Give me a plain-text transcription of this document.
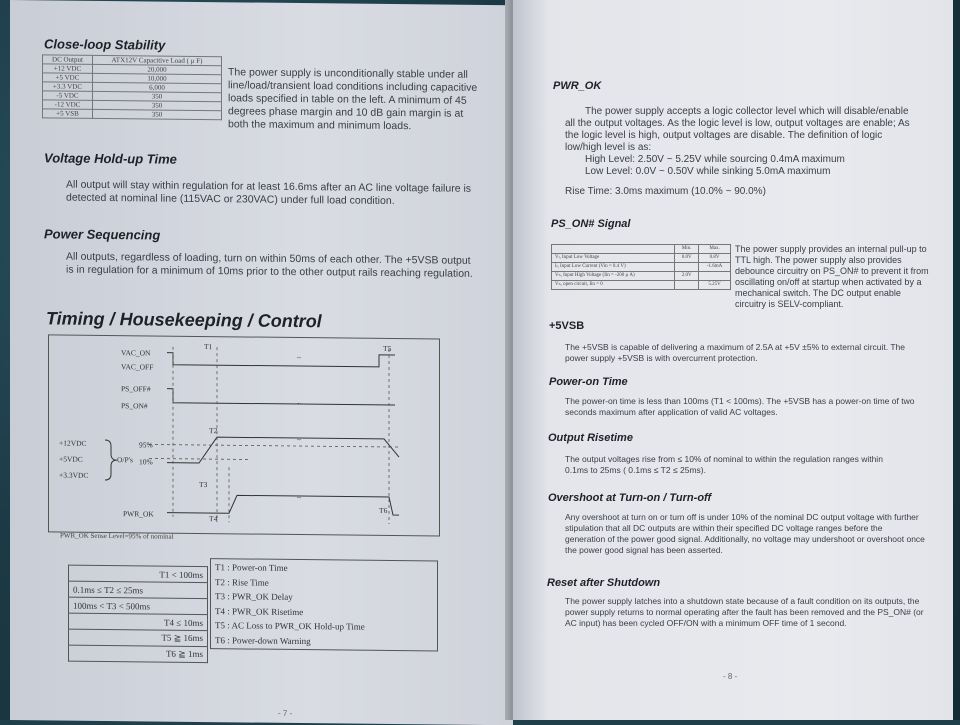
Close-loop Stability
DC Output	ATX12V Capacitive Load ( μ F)
+12 VDC	20,000
+5 VDC	10,000
+3.3 VDC	6,000
-5 VDC	350
-12 VDC	350
+5 VSB	350

The power supply is unconditionally stable under all line/load/transient load conditions including capacitive loads specified in table on the left. A minimum of 45 degrees phase margin and 10 dB gain margin is at both the maximum and minimum loads.

Voltage Hold-up Time

All output will stay within regulation for at least 16.6ms after an AC line voltage failure is detected at nominal line (115VAC or 230VAC) under full load condition.

Power Sequencing

All outputs, regardless of loading, turn on within 50ms of each other. The +5VSB output is in regulation for a minimum of 10ms prior to the other output rails reaching regulation.

Timing / Housekeeping / Control
~
~
~
~
VAC_ON
VAC_OFF
PS_OFF#
PS_ON#
+12VDC
+5VDC
+3.3VDC
O/P's
95%
10%
PWR_OK
T1
T2
T3
T4
T5
T6
PWR_OK Sense Level=95% of nominal
T1 < 100ms
0.1ms ≤ T2 ≤ 25ms
100ms < T3 < 500ms
T4 ≤ 10ms
T5 ≧ 16ms
T6 ≧ 1ms
T1 : Power-on Time
T2 : Rise Time
T3 : PWR_OK Delay
T4 : PWR_OK Risetime
T5 : AC Loss to PWR_OK Hold-up Time
T6 : Power-down Warning
- 7 -
PWR_OK

The power supply accepts a logic collector level which will disable/enable all the output voltages. As the logic level is low, output voltages are enable; As the logic level is high, output voltages are disable. The definition of logic low/high level is as:

High Level: 2.50V ~ 5.25V while sourcing 0.4mA maximum

Low Level: 0.0V ~ 0.50V while sinking 5.0mA maximum

Rise Time: 3.0ms maximum (10.0% ~ 90.0%)

PS_ON# Signal
	Min.	Max.
Vₗ, Input Low Voltage	0.0V	0.8V
Iₗ, Input Low Current (Vin = 0.4 V)		-1.6mA
Vₕ, Input High Voltage (Iin = -200 μ A)	2.0V	
Vₕ, open circuit, Iin = 0		5.25V

The power supply provides an internal pull-up to TTL high. The power supply also provides debounce circuitry on PS_ON# to prevent it from oscillating on/off at startup when activated by a mechanical switch. The DC output enable circuitry is SELV-compliant.

+5VSB

The +5VSB is capable of delivering a maximum of 2.5A at +5V ±5% to external circuit. The power supply +5VSB is with overcurrent protection.

Power-on Time

The power-on time is less than 100ms (T1 < 100ms). The +5VSB has a power-on time of two seconds maximum after application of valid AC voltages.

Output Risetime

The output voltages rise from ≤ 10% of nominal to within the regulation ranges within 0.1ms to 25ms ( 0.1ms ≤ T2 ≤ 25ms).

Overshoot at Turn-on / Turn-off

Any overshoot at turn on or turn off is under 10% of the nominal DC output voltage with further stipulation that all DC outputs are within their specified DC voltage ranges before the generation of the power good signal. Additionally, no voltage may undershoot or overshoot once the power good signal has been asserted.

Reset after Shutdown

The power supply latches into a shutdown state because of a fault condition on its outputs, the power supply returns to normal operating after the fault has been removed and the PS_ON# (or AC input) has been cycled OFF/ON with a minimum OFF time of 1 second.

- 8 -
